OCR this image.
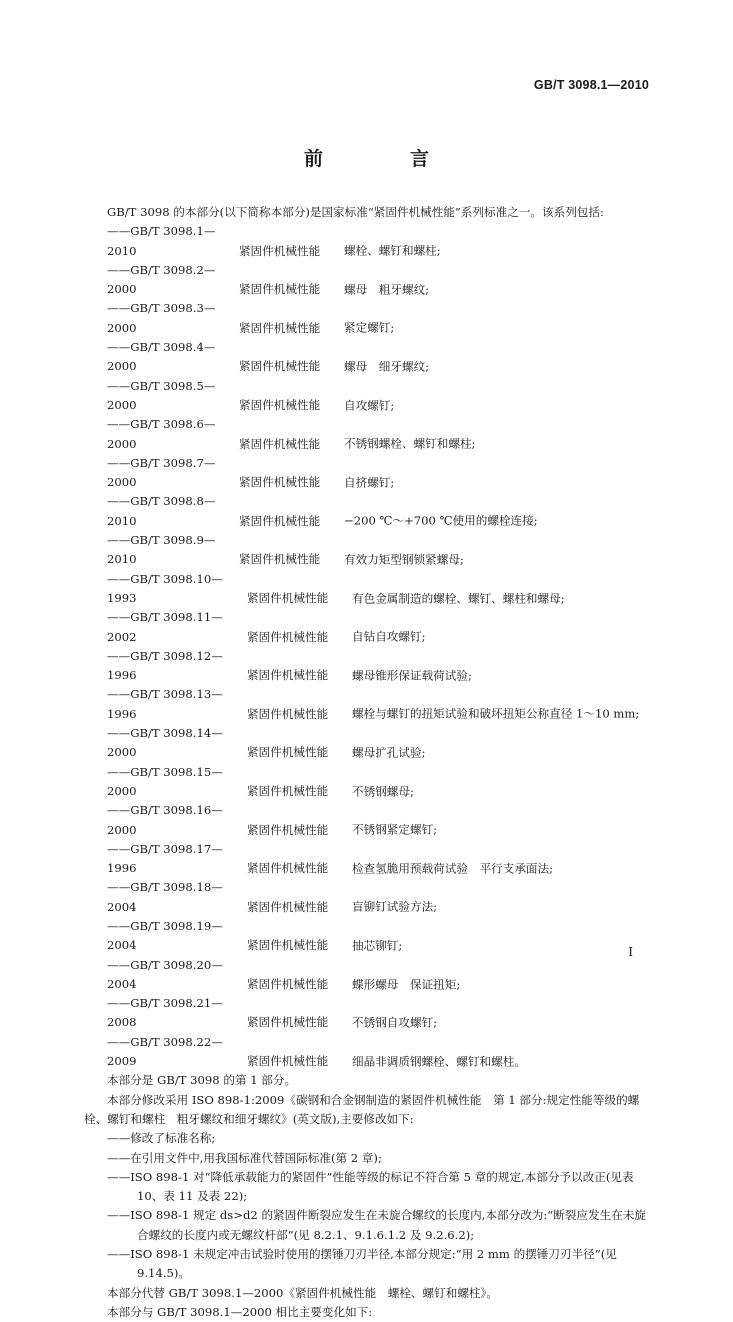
GB/T 3098.1—2010
前　言

GB/T 3098 的本部分(以下简称本部分)是国家标准“紧固件机械性能”系列标准之一。该系列包括:

——GB/T 3098.1—2010	紧固件机械性能 螺栓、螺钉和螺柱;
——GB/T 3098.2—2000	紧固件机械性能 螺母　粗牙螺纹;
——GB/T 3098.3—2000	紧固件机械性能 紧定螺钉;
——GB/T 3098.4—2000	紧固件机械性能 螺母　细牙螺纹;
——GB/T 3098.5—2000	紧固件机械性能 自攻螺钉;
——GB/T 3098.6—2000	紧固件机械性能 不锈钢螺栓、螺钉和螺柱;
——GB/T 3098.7—2000	紧固件机械性能 自挤螺钉;
——GB/T 3098.8—2010	紧固件机械性能 −200 ℃～+700 ℃使用的螺栓连接;
——GB/T 3098.9—2010	紧固件机械性能 有效力矩型钢锁紧螺母;
——GB/T 3098.10—1993	紧固件机械性能 有色金属制造的螺栓、螺钉、螺柱和螺母;
——GB/T 3098.11—2002	紧固件机械性能 自钻自攻螺钉;
——GB/T 3098.12—1996	紧固件机械性能 螺母锥形保证载荷试验;
——GB/T 3098.13—1996	紧固件机械性能 螺栓与螺钉的扭矩试验和破坏扭矩公称直径 1～10 mm;
——GB/T 3098.14—2000	紧固件机械性能 螺母扩孔试验;
——GB/T 3098.15—2000	紧固件机械性能 不锈钢螺母;
——GB/T 3098.16—2000	紧固件机械性能 不锈钢紧定螺钉;
——GB/T 3098.17—1996	紧固件机械性能 检查氢脆用预载荷试验　平行支承面法;
——GB/T 3098.18—2004	紧固件机械性能 盲铆钉试验方法;
——GB/T 3098.19—2004	紧固件机械性能 抽芯铆钉;
——GB/T 3098.20—2004	紧固件机械性能 蝶形螺母　保证扭矩;
——GB/T 3098.21—2008	紧固件机械性能 不锈钢自攻螺钉;
——GB/T 3098.22—2009	紧固件机械性能 细晶非调质钢螺栓、螺钉和螺柱。

本部分是 GB/T 3098 的第 1 部分。

本部分修改采用 ISO 898-1:2009《碳钢和合金钢制造的紧固件机械性能　第 1 部分:规定性能等级的螺栓、螺钉和螺柱　粗牙螺纹和细牙螺纹》(英文版),主要修改如下:

——修改了标准名称;
——在引用文件中,用我国标准代替国际标准(第 2 章);
——ISO 898-1 对“降低承载能力的紧固件”性能等级的标记不符合第 5 章的规定,本部分予以改正(见表 10、表 11 及表 22);
——ISO 898-1 规定 ds>d2 的紧固件断裂应发生在未旋合螺纹的长度内,本部分改为:“断裂应发生在未旋合螺纹的长度内或无螺纹杆部”(见 8.2.1、9.1.6.1.2 及 9.2.6.2);
——ISO 898-1 未规定冲击试验时使用的摆锤刀刃半径,本部分规定:“用 2 mm 的摆锤刀刃半径”(见 9.14.5)。

本部分代替 GB/T 3098.1—2000《紧固件机械性能　螺栓、螺钉和螺柱》。

本部分与 GB/T 3098.1—2000 相比主要变化如下:

I
